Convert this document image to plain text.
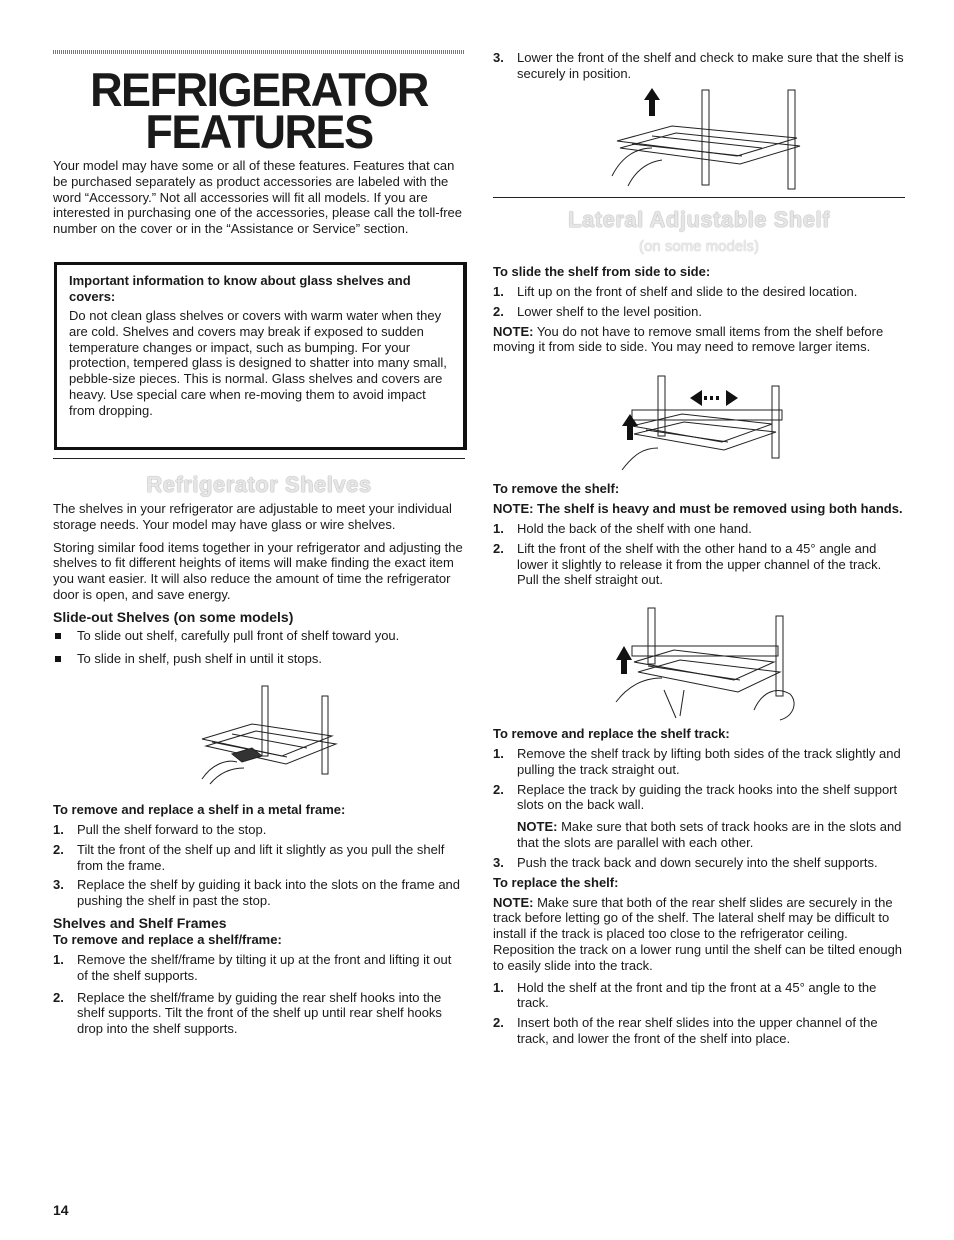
REFRIGERATOR
FEATURES

Your model may have some or all of these features. Features that can be purchased separately as product accessories are labeled with the word “Accessory.” Not all accessories will fit all models. If you are interested in purchasing one of the accessories, please call the toll-free number on the cover or in the “Assistance or Service” section.

Important information to know about glass shelves and covers:

Do not clean glass shelves or covers with warm water when they are cold. Shelves and covers may break if exposed to sudden temperature changes or impact, such as bumping. For your protection, tempered glass is designed to shatter into many small, pebble-size pieces. This is normal. Glass shelves and covers are heavy. Use special care when re-moving them to avoid impact from dropping.

Refrigerator Shelves

The shelves in your refrigerator are adjustable to meet your individual storage needs. Your model may have glass or wire shelves.

Storing similar food items together in your refrigerator and adjusting the shelves to fit different heights of items will make finding the exact item you want easier. It will also reduce the amount of time the refrigerator door is open, and save energy.

Slide-out Shelves (on some models)

To slide out shelf, carefully pull front of shelf toward you.
To slide in shelf, push shelf in until it stops.

To remove and replace a shelf in a metal frame:

1. Pull the shelf forward to the stop.
2. Tilt the front of the shelf up and lift it slightly as you pull the shelf from the frame.
3. Replace the shelf by guiding it back into the slots on the frame and pushing the shelf in past the stop.

Shelves and Shelf Frames

To remove and replace a shelf/frame:

1. Remove the shelf/frame by tilting it up at the front and lifting it out of the shelf supports.
2. Replace the shelf/frame by guiding the rear shelf hooks into the shelf supports. Tilt the front of the shelf up until rear shelf hooks drop into the shelf supports.
14
3. Lower the front of the shelf and check to make sure that the shelf is securely in position.
Lateral Adjustable Shelf
(on some models)

To slide the shelf from side to side:

1. Lift up on the front of shelf and slide to the desired location.
2. Lower shelf to the level position.

NOTE: You do not have to remove small items from the shelf before moving it from side to side. You may need to remove larger items.

To remove the shelf:

NOTE: The shelf is heavy and must be removed using both hands.

1. Hold the back of the shelf with one hand.
2. Lift the front of the shelf with the other hand to a 45° angle and lower it slightly to release it from the upper channel of the track. Pull the shelf straight out.

To remove and replace the shelf track:

1. Remove the shelf track by lifting both sides of the track slightly and pulling the track straight out.
2. Replace the track by guiding the track hooks into the shelf support slots on the back wall.

NOTE: Make sure that both sets of track hooks are in the slots and that the slots are parallel with each other.

3. Push the track back and down securely into the shelf supports.

To replace the shelf:

NOTE: Make sure that both of the rear shelf slides are securely in the track before letting go of the shelf. The lateral shelf may be difficult to install if the track is placed too close to the refrigerator ceiling. Reposition the track on a lower rung until the shelf can be tilted enough to easily slide into the track.

1. Hold the shelf at the front and tip the front at a 45° angle to the track.
2. Insert both of the rear shelf slides into the upper channel of the track, and lower the front of the shelf into place.
